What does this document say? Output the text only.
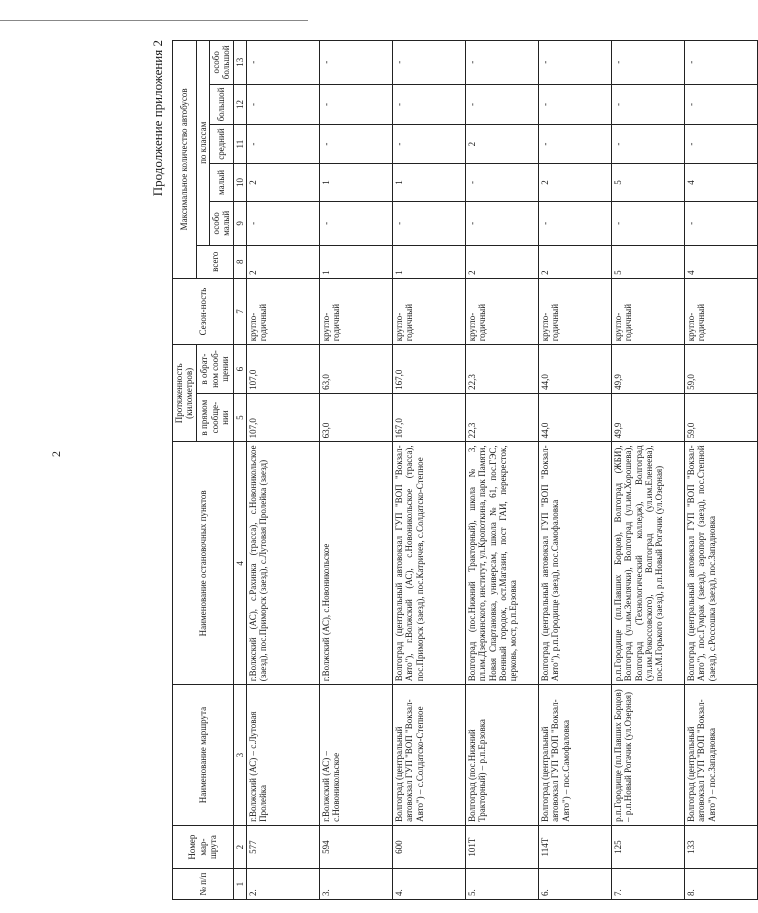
2
Продолжение приложения 2
№ п/п	Номер мар-шрута	Наименование маршрута	Наименование остановочных пунктов	Протяженность (километров)		Сезон-ность	Максимальное количество автобусов					
				в прямом сообще-нии	в обрат-ном сооб-щении		всего	по классам				
								особо малый	малый	средний	большой	особо большой
1	2	3	4	5	6	7	8	9	10	11	12	13
2.	577	г.Волжский (АС) – с.Лутовая Пролейка	г.Волжский (АС), с.Рахинка (трасса), с.Новоникольское (заезд), пос.Приморск (заезд), с.Лутовая Пролейка (заезд)	107,0	107,0	кругло-годичный	2	-	2	-	-	-
3.	594	г.Волжский (АС) – с.Новоникольское	г.Волжский (АС), с.Новоникольское	63,0	63,0	кругло-годичный	1	-	1	-	-	-
4.	600	Волгоград (центральный автовокзал ГУП "ВОП "Вокзал-Авто") – с.Солдатско-Степное	Волгоград (центральный автовокзал ГУП "ВОП "Вокзал-Авто"), г.Волжский (АС), с.Новоникольское (трасса), пос.Приморск (заезд), пос.Катричев, с.Солдатско-Степное	167,0	167,0	кругло-годичный	1	-	1	-	-	-
5.	101Т	Волгоград (пос.Нижний Тракторный) – р.п.Ерзовка	Волгоград (пос.Нижний Тракторный), школа № 3, пл.им.Дзержинского, институт, ул.Кропоткина, парк Памяти, Новая Спартановка, универсам, школа № 61, пос.ГЭС, Военный городок, ост.Магазин, пост ГАИ, перекресток, церковь, мост, р.п.Ерзовка	22,3	22,3	кругло-годичный	2	-	-	2	-	-
6.	114Т	Волгоград (центральный автовокзал ГУП "ВОП "Вокзал-Авто") – пос.Самофаловка	Волгоград (центральный автовокзал ГУП "ВОП "Вокзал-Авто"), р.п.Городище (заезд), пос.Самофаловка	44,0	44,0	кругло-годичный	2	-	2	-	-	-
7.	125	р.п.Городище (пл.Павших Борцов) – р.п.Новый Рогачик (ул.Озерная)	р.п.Городище (пл.Павших Борцов), Волгоград (ЖБИ), Волгоград (ул.им.Землячки), Волгоград (ул.им.Хорошева), Волгоград (Технологический колледж), Волгоград (ул.им.Рокоссовского), Волгоград (ул.им.Еленеева), пос.М.Горького (заезд), р.п.Новый Рогачик (ул.Озерная)	49,9	49,9	кругло-годичный	5	-	5	-	-	-
8.	133	Волгоград (центральный автовокзал ГУП "ВОП "Вокзал-Авто") – пос.Западновка	Волгоград (центральный автовокзал ГУП "ВОП "Вокзал-Авто"), пос.Гумрак (заезд), аэропорт (заезд), пос.Степной (заезд), с.Россошка (заезд), пос.Западновка	59,0	59,0	кругло-годичный	4	-	4	-	-	-
